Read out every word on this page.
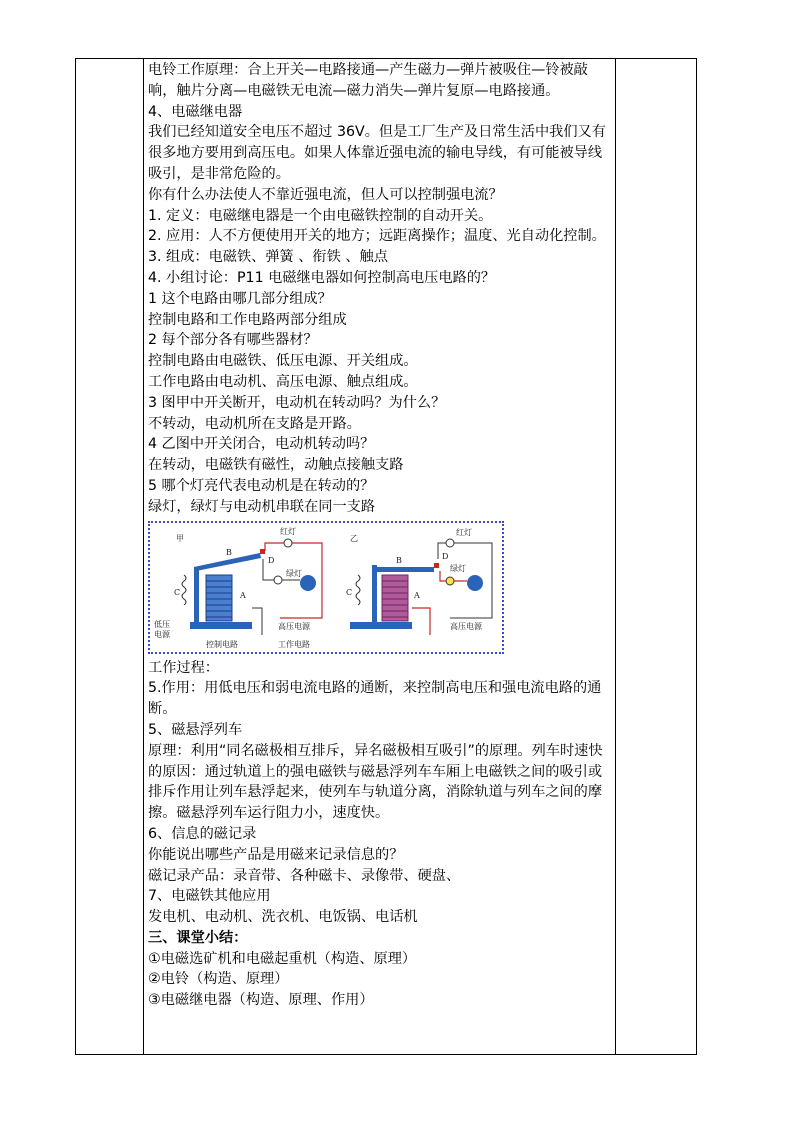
电铃工作原理：合上开关—电路接通—产生磁力—弹片被吸住—铃被敲响，触片分离—电磁铁无电流—磁力消失—弹片复原—电路接通。

4、电磁继电器

我们已经知道安全电压不超过 36V。但是工厂生产及日常生活中我们又有很多地方要用到高压电。如果人体靠近强电流的输电导线，有可能被导线吸引，是非常危险的。

你有什么办法使人不靠近强电流，但人可以控制强电流？

1. 定义：电磁继电器是一个由电磁铁控制的自动开关。

2. 应用：人不方便使用开关的地方；远距离操作；温度、光自动化控制。

3. 组成：电磁铁、弹簧 、衔铁 、触点

4. 小组讨论：P11 电磁继电器如何控制高电压电路的？

1 这个电路由哪几部分组成？

控制电路和工作电路两部分组成

2 每个部分各有哪些器材？

控制电路由电磁铁、低压电源、开关组成。

工作电路由电动机、高压电源、触点组成。

3 图甲中开关断开，电动机在转动吗？为什么？

不转动，电动机所在支路是开路。

4 乙图中开关闭合，电动机转动吗？

在转动，电磁铁有磁性，动触点接触支路

5 哪个灯亮代表电动机是在转动的？

绿灯，绿灯与电动机串联在同一支路

甲
B
A
C
D
红灯
绿灯
低压
电源
控制电路	工作电路
高压电源
乙
B
A
C
D
红灯
绿灯
高压电源

工作过程：

5.作用：用低电压和弱电流电路的通断，来控制高电压和强电流电路的通断。

5、磁悬浮列车

原理：利用“同名磁极相互排斥，异名磁极相互吸引”的原理。列车时速快的原因：通过轨道上的强电磁铁与磁悬浮列车车厢上电磁铁之间的吸引或排斥作用让列车悬浮起来，使列车与轨道分离，消除轨道与列车之间的摩擦。磁悬浮列车运行阻力小，速度快。

6、信息的磁记录

你能说出哪些产品是用磁来记录信息的？

磁记录产品：录音带、各种磁卡、录像带、硬盘、

7、电磁铁其他应用

发电机、电动机、洗衣机、电饭锅、电话机

三、课堂小结：

①电磁选矿机和电磁起重机（构造、原理）

②电铃（构造、原理）

③电磁继电器（构造、原理、作用）
